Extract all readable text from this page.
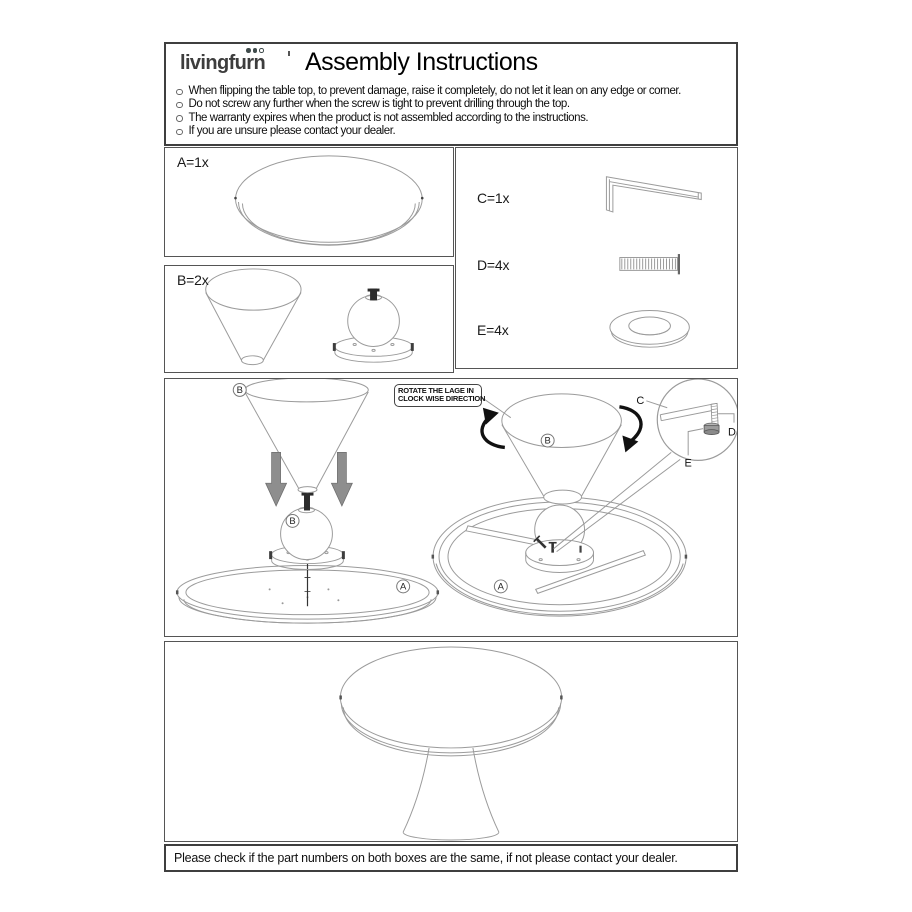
livingfurn Assembly Instructions
When flipping the table top, to prevent damage, raise it completely, do not let it lean on any edge or corner.
Do not screw any further when the screw is tight to prevent drilling through the top.
The warranty expires when the product is not assembled according to the instructions.
If you are unsure please contact your dealer.
A=1x
B=2x
C=1x
D=4x
E=4x
B
B
A
B
A
C
D
E
ROTATE THE LAGE IN
CLOCK WISE DIRECTION
Please check if the part numbers on both boxes are the same, if not please contact your dealer.
